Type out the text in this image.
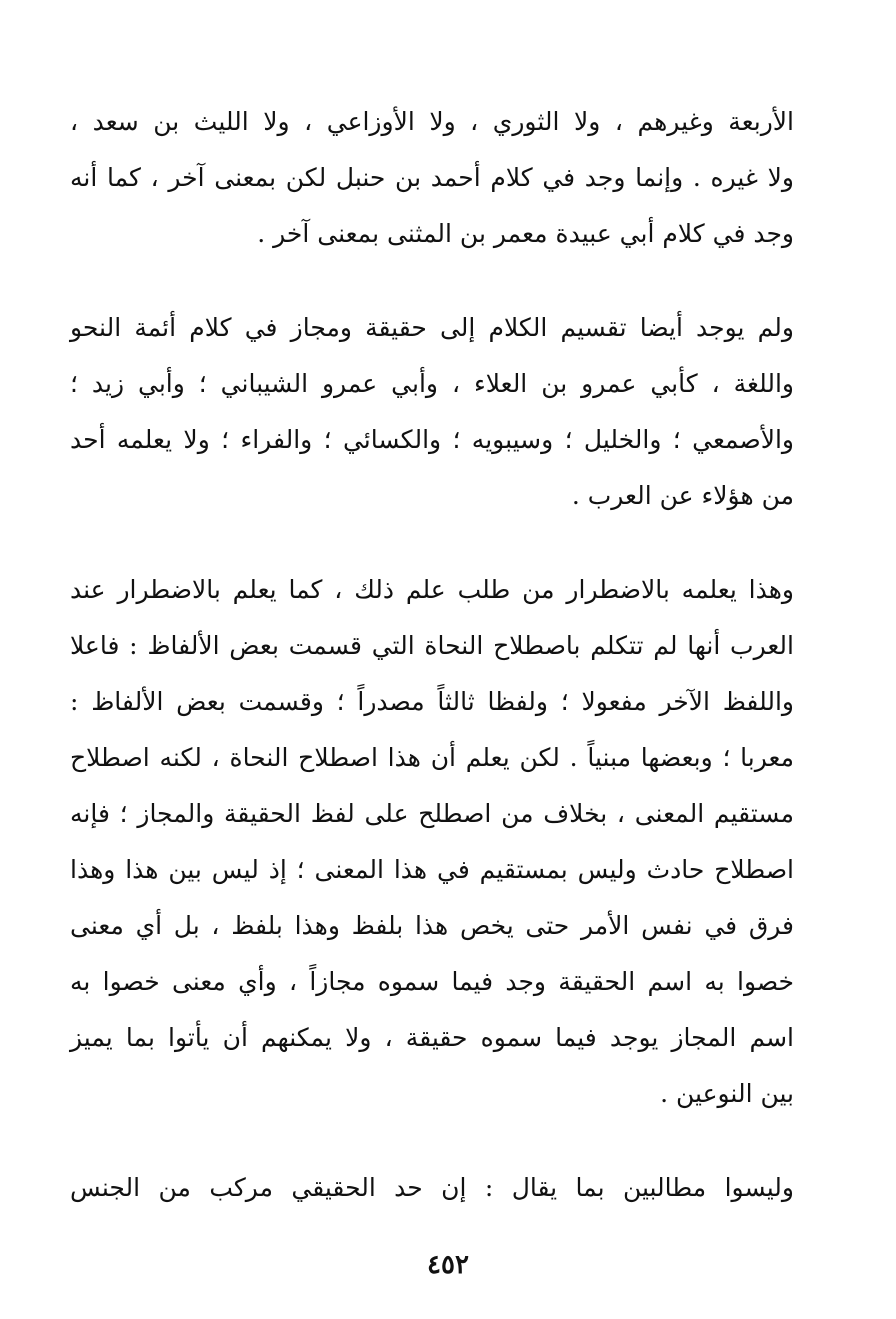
الأربعة وغيرهم ، ولا الثوري ، ولا الأوزاعي ، ولا الليث بن سعد ،
ولا غيره . وإنما وجد في كلام أحمد بن حنبل لكن بمعنى آخر ، كما أنه
وجد في كلام أبي عبيدة معمر بن المثنى بمعنى آخر .
ولم يوجد أيضا تقسيم الكلام إلى حقيقة ومجاز في كلام أئمة النحو
واللغة ، كأبي عمرو بن العلاء ، وأبي عمرو الشيباني ؛ وأبي زيد ؛
والأصمعي ؛ والخليل ؛ وسيبويه ؛ والكسائي ؛ والفراء ؛ ولا يعلمه أحد
من هؤلاء عن العرب .
وهذا يعلمه بالاضطرار من طلب علم ذلك ، كما يعلم بالاضطرار عند
العرب أنها لم تتكلم باصطلاح النحاة التي قسمت بعض الألفاظ : فاعلا
واللفظ الآخر مفعولا ؛ ولفظا ثالثاً مصدراً ؛ وقسمت بعض الألفاظ :
معربا ؛ وبعضها مبنياً . لكن يعلم أن هذا اصطلاح النحاة ، لكنه اصطلاح
مستقيم المعنى ، بخلاف من اصطلح على لفظ الحقيقة والمجاز ؛ فإنه
اصطلاح حادث وليس بمستقيم في هذا المعنى ؛ إذ ليس بين هذا وهذا
فرق في نفس الأمر حتى يخص هذا بلفظ وهذا بلفظ ، بل أي معنى
خصوا به اسم الحقيقة وجد فيما سموه مجازاً ، وأي معنى خصوا به
اسم المجاز يوجد فيما سموه حقيقة ، ولا يمكنهم أن يأتوا بما يميز
بين النوعين .
وليسوا مطالبين بما يقال : إن حد الحقيقي مركب من الجنس
٤٥٢
